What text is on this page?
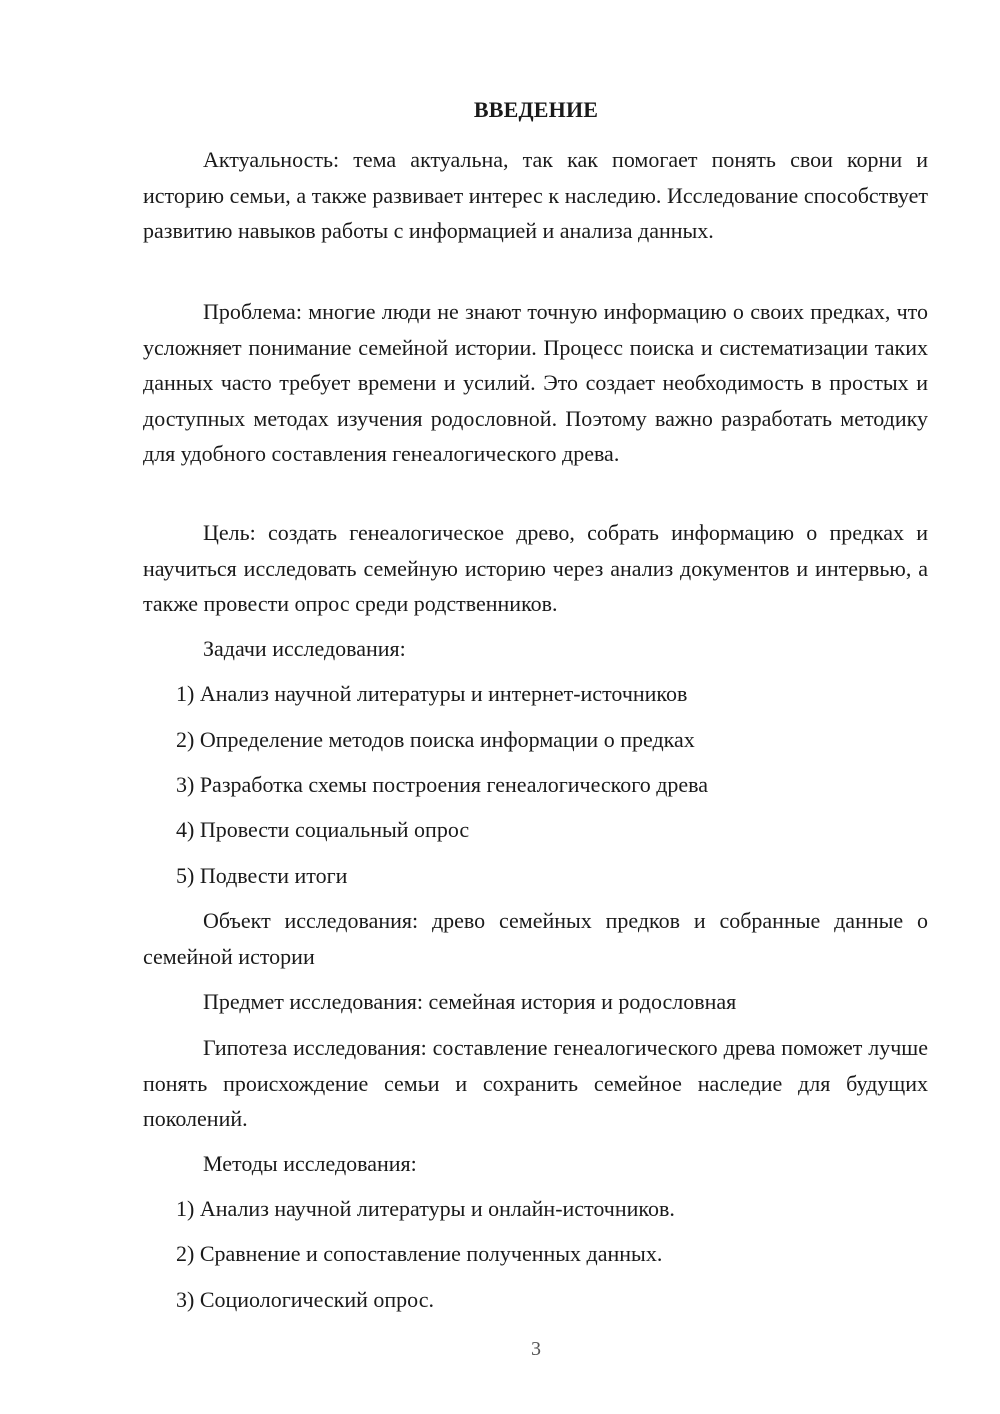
ВВЕДЕНИЕ

Актуальность: тема актуальна, так как помогает понять свои корни и историю семьи, а также развивает интерес к наследию. Исследование способствует развитию навыков работы с информацией и анализа данных.

Проблема: многие люди не знают точную информацию о своих предках, что усложняет понимание семейной истории. Процесс поиска и систематизации таких данных часто требует времени и усилий. Это создает необходимость в простых и доступных методах изучения родословной. Поэтому важно разработать методику для удобного составления генеалогического древа.

Цель: создать генеалогическое древо, собрать информацию о предках и научиться исследовать семейную историю через анализ документов и интервью, а также провести опрос среди родственников.

Задачи исследования:

1) Анализ научной литературы и интернет-источников

2) Определение методов поиска информации о предках

3) Разработка схемы построения генеалогического древа

4) Провести социальный опрос

5) Подвести итоги

Объект исследования: древо семейных предков и собранные данные о семейной истории

Предмет исследования: семейная история и родословная

Гипотеза исследования: составление генеалогического древа поможет лучше понять происхождение семьи и сохранить семейное наследие для будущих поколений.

Методы исследования:

1) Анализ научной литературы и онлайн-источников.

2) Сравнение и сопоставление полученных данных.

3) Социологический опрос.

3
